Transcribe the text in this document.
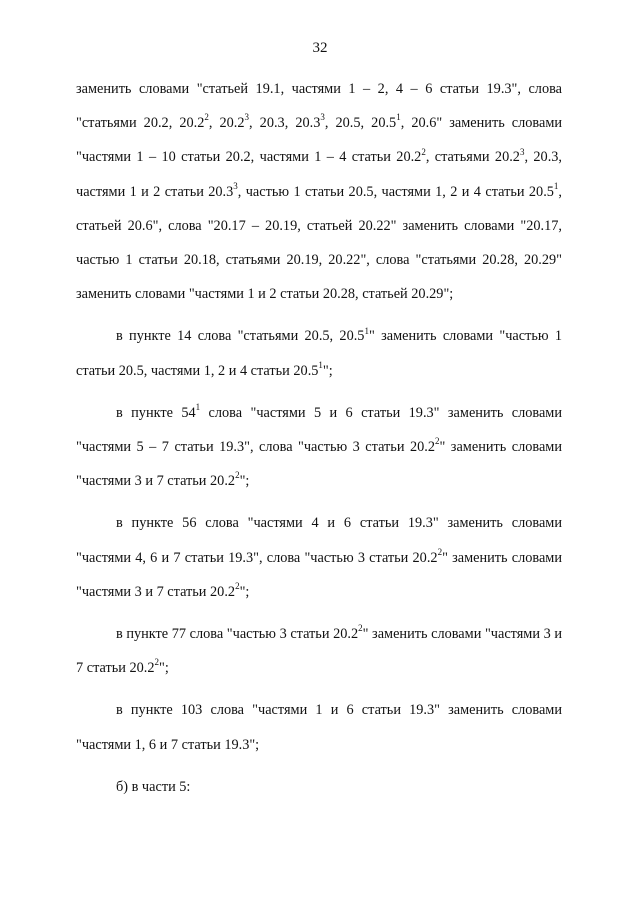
32

заменить словами "статьей 19.1, частями 1 – 2, 4 – 6 статьи 19.3", слова "статьями 20.2, 20.2$^2$, 20.2$^3$, 20.3, 20.3$^3$, 20.5, 20.5$^1$, 20.6" заменить словами "частями 1 – 10 статьи 20.2, частями 1 – 4 статьи 20.2$^2$, статьями 20.2$^3$, 20.3, частями 1 и 2 статьи 20.3$^3$, частью 1 статьи 20.5, частями 1, 2 и 4 статьи 20.5$^1$, статьей 20.6", слова "20.17 – 20.19, статьей 20.22" заменить словами "20.17, частью 1 статьи 20.18, статьями 20.19, 20.22", слова "статьями 20.28, 20.29" заменить словами "частями 1 и 2 статьи 20.28, статьей 20.29";

в пункте 14 слова "статьями 20.5, 20.5$^1$" заменить словами "частью 1 статьи 20.5, частями 1, 2 и 4 статьи 20.5$^1$";

в пункте $54^1$ слова "частями 5 и 6 статьи 19.3" заменить словами "частями 5 – 7 статьи 19.3", слова "частью 3 статьи 20.2$^2$" заменить словами "частями 3 и 7 статьи 20.2$^2$";

в пункте 56 слова "частями 4 и 6 статьи 19.3" заменить словами "частями 4, 6 и 7 статьи 19.3", слова "частью 3 статьи 20.2$^2$" заменить словами "частями 3 и 7 статьи 20.2$^2$";

в пункте 77 слова "частью 3 статьи 20.2$^2$" заменить словами "частями 3 и 7 статьи 20.2$^2$";

в пункте 103 слова "частями 1 и 6 статьи 19.3" заменить словами "частями 1, 6 и 7 статьи 19.3";

б) в части 5:
